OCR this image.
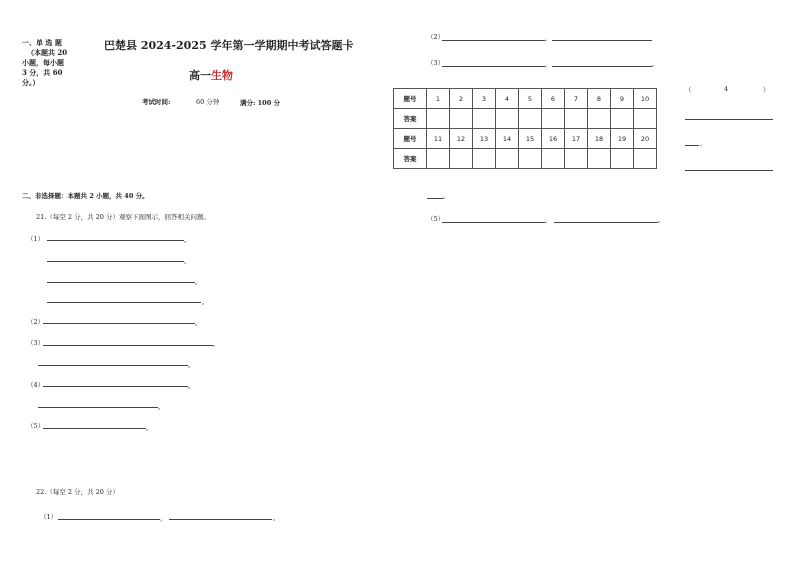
一、单 选 题
（本题共 20
小题，每小题
3 分，共 60
分。）
巴楚县 2024-2025 学年第一学期期中考试答题卡
高一生物
考试时间:	60 分钟	满分: 100 分
二、非选择题：本题共 2 小题，共 40 分。
21.（每空 2 分，共 20 分）观察下面图示，回答相关问题。
（1）	。
。
。
。
（2）	。
（3）	。
。
（4）	。
。
（5）	。
22.（每空 2 分，共 20 分）
（1）	，	。
（2）	，
（3）	，	。
题号	1	2	3	4	5	6	7	8	9	10
答案										
题号	11	12	13	14	15	16	17	18	19	20
答案										
（	4	）
，
。
（5）	，	。
